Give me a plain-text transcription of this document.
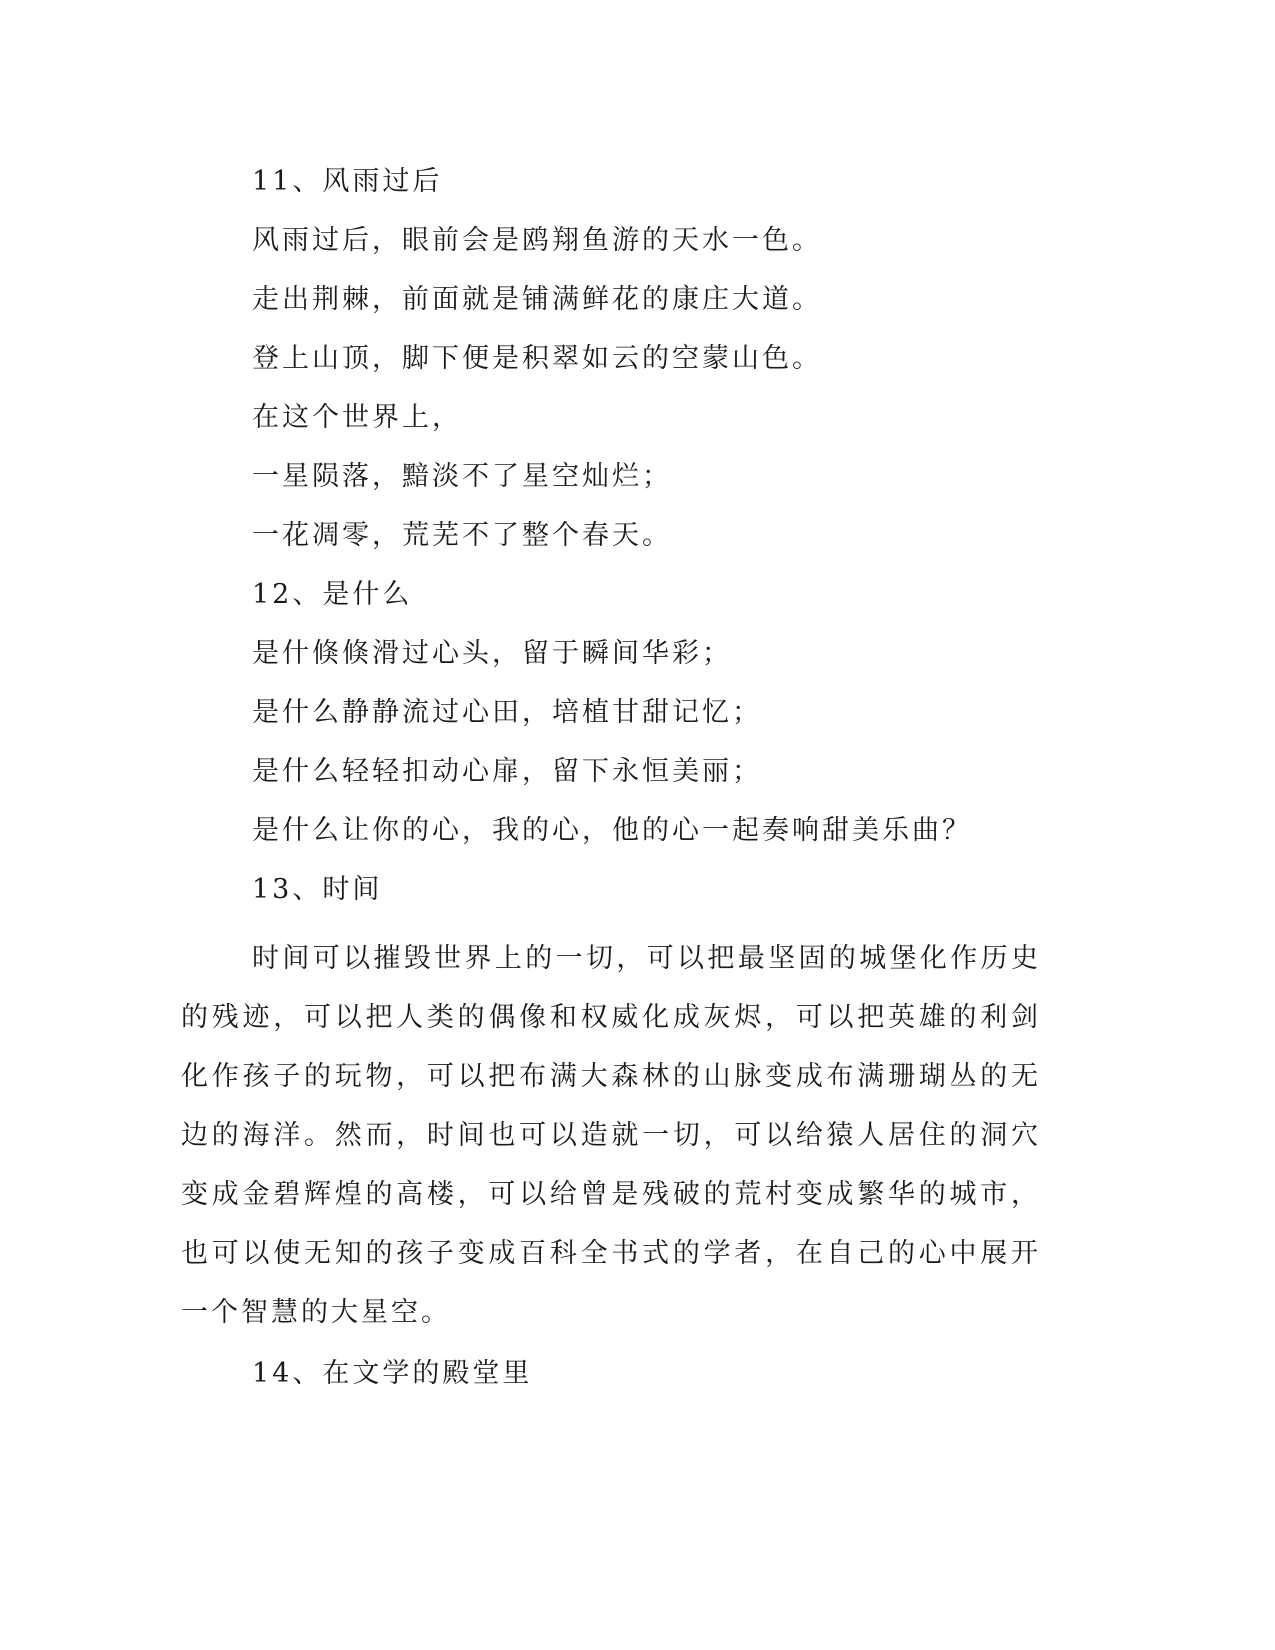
11、风雨过后
风雨过后，眼前会是鸥翔鱼游的天水一色。
走出荆棘，前面就是铺满鲜花的康庄大道。
登上山顶，脚下便是积翠如云的空蒙山色。
在这个世界上，
一星陨落，黯淡不了星空灿烂；
一花凋零，荒芜不了整个春天。
12、是什么
是什倏倏滑过心头，留于瞬间华彩；
是什么静静流过心田，培植甘甜记忆；
是什么轻轻扣动心扉，留下永恒美丽；
是什么让你的心，我的心，他的心一起奏响甜美乐曲？
13、时间
时间可以摧毁世界上的一切，可以把最坚固的城堡化作历史的残迹，可以把人类的偶像和权威化成灰烬，可以把英雄的利剑化作孩子的玩物，可以把布满大森林的山脉变成布满珊瑚丛的无边的海洋。然而，时间也可以造就一切，可以给猿人居住的洞穴变成金碧辉煌的高楼，可以给曾是残破的荒村变成繁华的城市，也可以使无知的孩子变成百科全书式的学者，在自己的心中展开一个智慧的大星空。
14、在文学的殿堂里
